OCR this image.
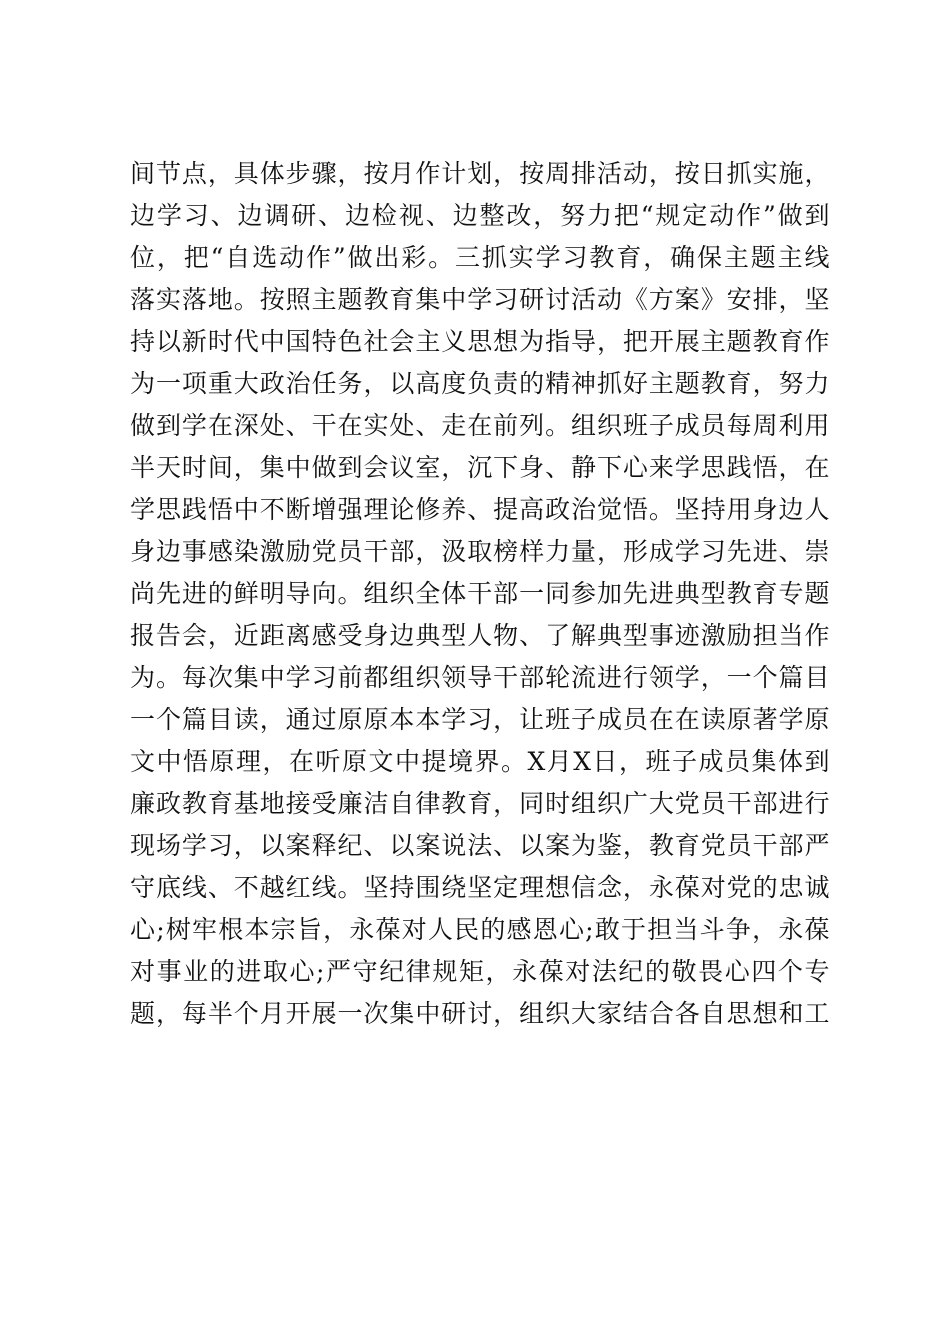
间节点，具体步骤，按月作计划，按周排活动，按日抓实施，
边学习、边调研、边检视、边整改，努力把“规定动作”做到
位，把“自选动作”做出彩。三抓实学习教育，确保主题主线
落实落地。按照主题教育集中学习研讨活动《方案》安排，坚
持以新时代中国特色社会主义思想为指导，把开展主题教育作
为一项重大政治任务，以高度负责的精神抓好主题教育，努力
做到学在深处、干在实处、走在前列。组织班子成员每周利用
半天时间，集中做到会议室，沉下身、静下心来学思践悟，在
学思践悟中不断增强理论修养、提高政治觉悟。坚持用身边人
身边事感染激励党员干部，汲取榜样力量，形成学习先进、崇
尚先进的鲜明导向。组织全体干部一同参加先进典型教育专题
报告会，近距离感受身边典型人物、了解典型事迹激励担当作
为。每次集中学习前都组织领导干部轮流进行领学，一个篇目
一个篇目读，通过原原本本学习，让班子成员在在读原著学原
文中悟原理，在听原文中提境界。X月X日，班子成员集体到
廉政教育基地接受廉洁自律教育，同时组织广大党员干部进行
现场学习，以案释纪、以案说法、以案为鉴，教育党员干部严
守底线、不越红线。坚持围绕坚定理想信念，永葆对党的忠诚
心;树牢根本宗旨，永葆对人民的感恩心;敢于担当斗争，永葆
对事业的进取心;严守纪律规矩，永葆对法纪的敬畏心四个专
题，每半个月开展一次集中研讨，组织大家结合各自思想和工
